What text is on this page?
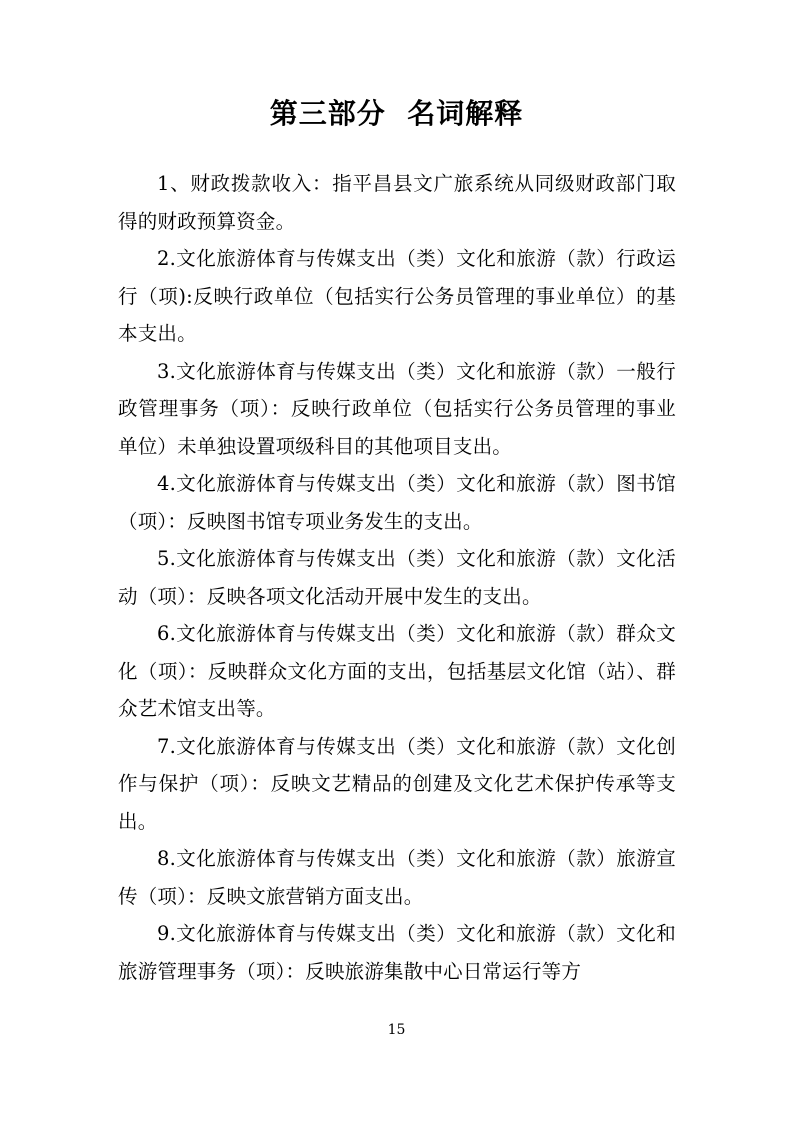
第三部分  名词解释

1、财政拨款收入：指平昌县文广旅系统从同级财政部门取得的财政预算资金。

2.文化旅游体育与传媒支出（类）文化和旅游（款）行政运行（项):反映行政单位（包括实行公务员管理的事业单位）的基本支出。

3.文化旅游体育与传媒支出（类）文化和旅游（款）一般行政管理事务（项）：反映行政单位（包括实行公务员管理的事业单位）未单独设置项级科目的其他项目支出。

4.文化旅游体育与传媒支出（类）文化和旅游（款）图书馆（项）：反映图书馆专项业务发生的支出。

5.文化旅游体育与传媒支出（类）文化和旅游（款）文化活动（项）：反映各项文化活动开展中发生的支出。

6.文化旅游体育与传媒支出（类）文化和旅游（款）群众文化（项）：反映群众文化方面的支出，包括基层文化馆（站）、群众艺术馆支出等。

7.文化旅游体育与传媒支出（类）文化和旅游（款）文化创作与保护（项）：反映文艺精品的创建及文化艺术保护传承等支出。

8.文化旅游体育与传媒支出（类）文化和旅游（款）旅游宣传（项）：反映文旅营销方面支出。

9.文化旅游体育与传媒支出（类）文化和旅游（款）文化和旅游管理事务（项）：反映旅游集散中心日常运行等方

15
